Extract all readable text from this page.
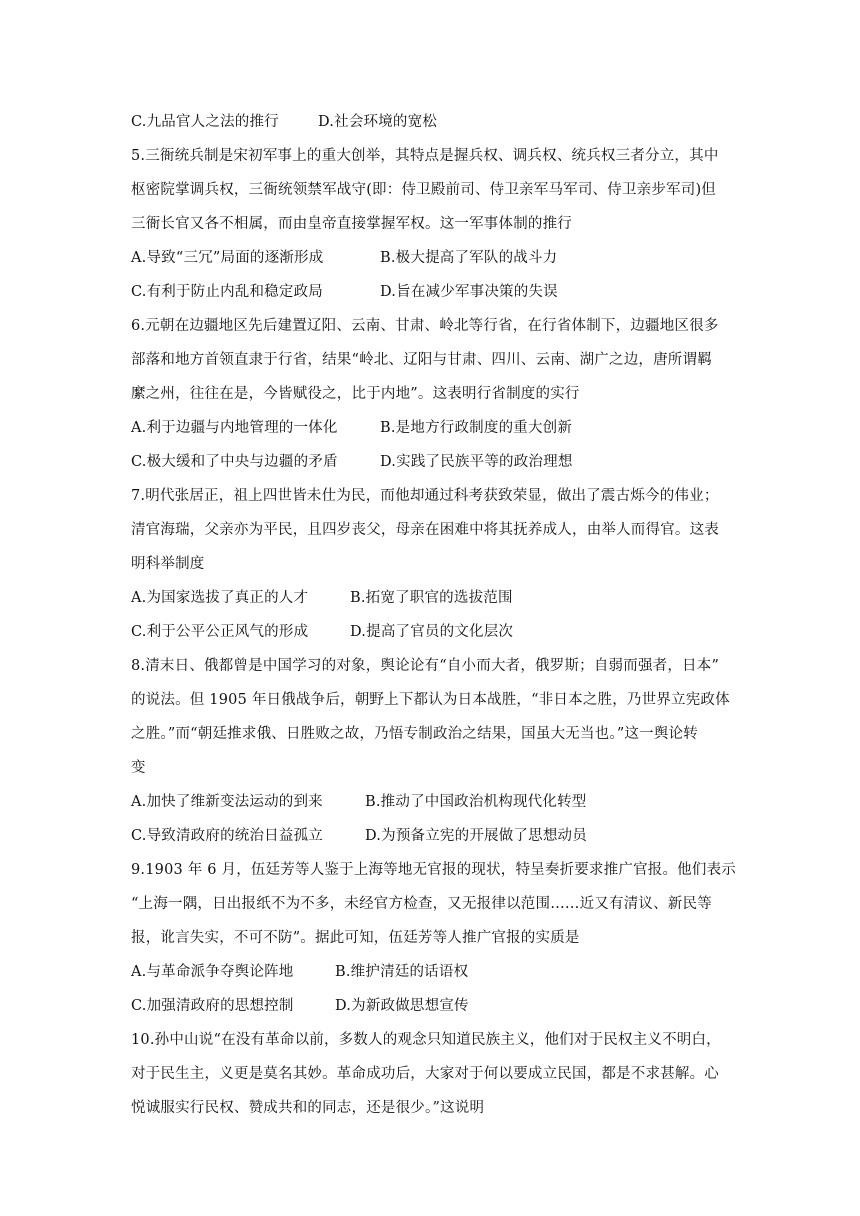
C.九品官人之法的推行	D.社会环境的宽松
5.三衙统兵制是宋初军事上的重大创举，其特点是握兵权、调兵权、统兵权三者分立，其中
枢密院掌调兵权，三衙统领禁军战守(即：侍卫殿前司、侍卫亲军马军司、侍卫亲步军司)但
三衙长官又各不相属，而由皇帝直接掌握军权。这一军事体制的推行
A.导致“三冗”局面的逐渐形成	B.极大提高了军队的战斗力
C.有利于防止内乱和稳定政局	D.旨在减少军事决策的失误
6.元朝在边疆地区先后建置辽阳、云南、甘肃、岭北等行省，在行省体制下，边疆地区很多
部落和地方首领直隶于行省，结果“岭北、辽阳与甘肃、四川、云南、湖广之边，唐所谓羁
縻之州，往往在是，今皆赋役之，比于内地”。这表明行省制度的实行
A.利于边疆与内地管理的一体化	B.是地方行政制度的重大创新
C.极大缓和了中央与边疆的矛盾	D.实践了民族平等的政治理想
7.明代张居正，祖上四世皆未仕为民，而他却通过科考获致荣显，做出了震古烁今的伟业；
清官海瑞，父亲亦为平民，且四岁丧父，母亲在困难中将其抚养成人，由举人而得官。这表
明科举制度
A.为国家选拔了真正的人才	B.拓宽了职官的选拔范围
C.利于公平公正风气的形成	D.提高了官员的文化层次
8.清末日、俄都曾是中国学习的对象，舆论论有“自小而大者，俄罗斯；自弱而强者，日本”
的说法。但 1905 年日俄战争后，朝野上下都认为日本战胜，“非日本之胜，乃世界立宪政体
之胜。”而“朝廷推求俄、日胜败之故，乃悟专制政治之结果，国虽大无当也。”这一舆论转
变
A.加快了维新变法运动的到来	B.推动了中国政治机构现代化转型
C.导致清政府的统治日益孤立	D.为预备立宪的开展做了思想动员
9.1903 年 6 月，伍廷芳等人鉴于上海等地无官报的现状，特呈奏折要求推广官报。他们表示
“上海一隅，日出报纸不为不多，未经官方检查，又无报律以范围……近又有清议、新民等
报，讹言失实，不可不防”。据此可知，伍廷芳等人推广官报的实质是
A.与革命派争夺舆论阵地	B.维护清廷的话语权
C.加强清政府的思想控制	D.为新政做思想宣传
10.孙中山说“在没有革命以前，多数人的观念只知道民族主义，他们对于民权主义不明白，
对于民生主，义更是莫名其妙。革命成功后，大家对于何以要成立民国，都是不求甚解。心
悦诚服实行民权、赞成共和的同志，还是很少。”这说明
